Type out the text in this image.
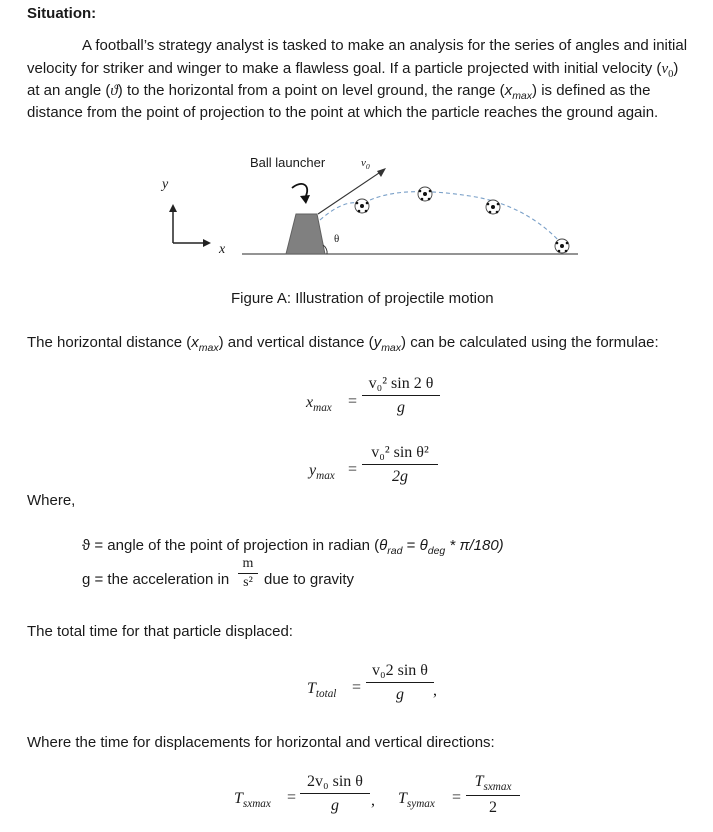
Situation:
A football’s strategy analyst is tasked to make an analysis for the series of angles and initial
velocity for striker and winger to make a flawless goal. If a particle projected with initial velocity $(v_0)$
at an angle (ϑ) to the horizontal from a point on level ground, the range $(x_{max})$ is defined as the
distance from the point of projection to the point at which the particle reaches the ground again.
Ball launcher	$v_0$
y
x
θ
Figure A: Illustration of projectile motion
The horizontal distance $(x_{max})$ and vertical distance $(y_{max})$ can be calculated using the formulae:
$x_{max} = \frac{\text{v₀² sin 2 θ}}{g}$
$y_{max} = \frac{\text{v₀² sin θ²}}{2g}$
Where,
ϑ = angle of the point of projection in radian $(\theta_{rad} = \theta_{deg} * \pi/180)$
g = the acceleration in $\frac{m}{\text{s²}}$ due to gravity
The total time for that particle displaced:
$T_{total} = \frac{\text{v₀2 sin θ}}{g}$ ,
Where the time for displacements for horizontal and vertical directions:
$T_{sxmax} = \frac{\text{2v₀ sin θ}}{g}$ , $T_{symax}$ =
$T_{sxmax}$
2
